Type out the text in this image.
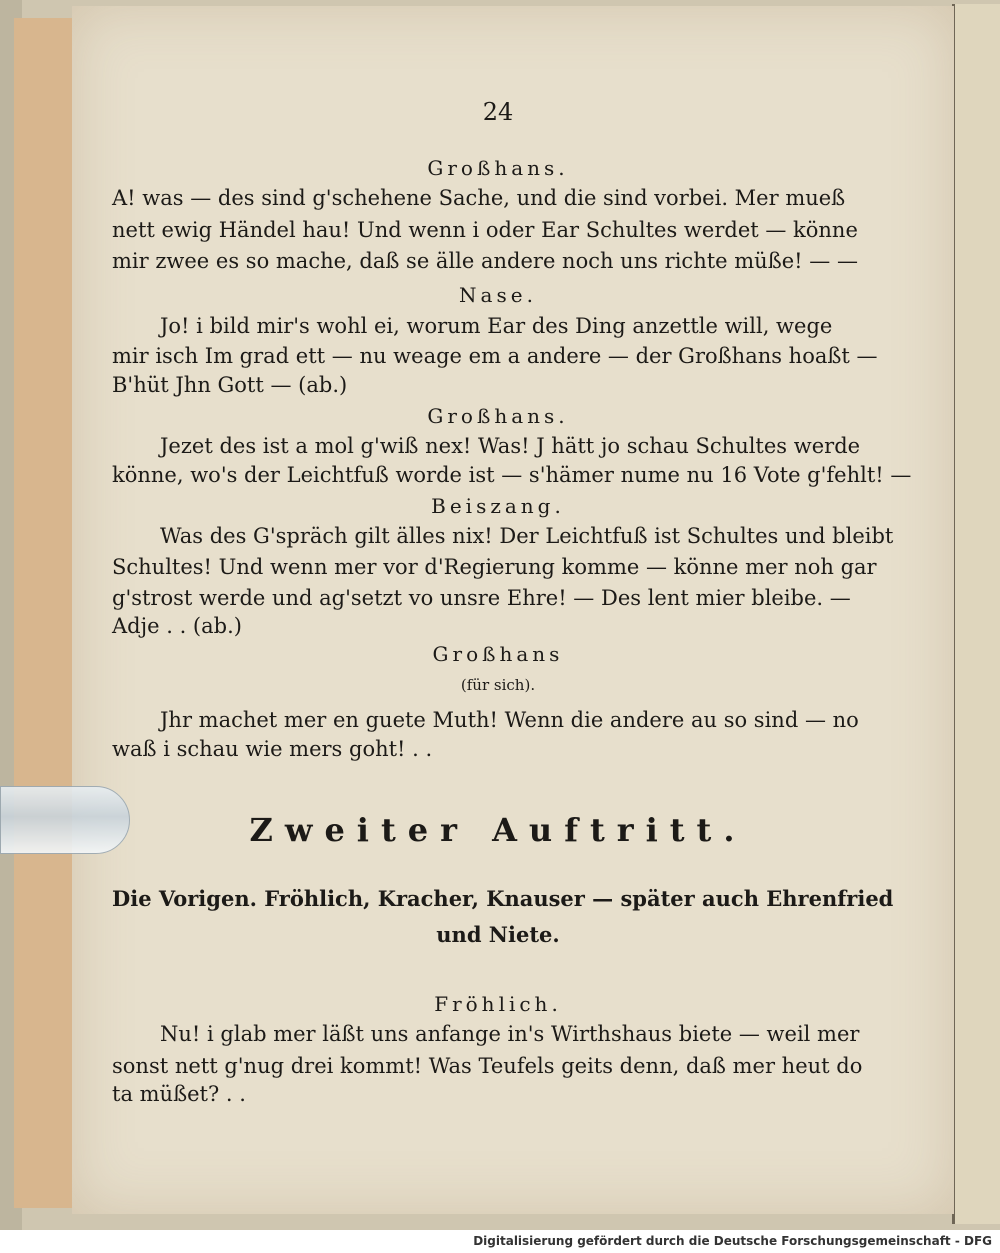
24
Großhans.
A! was — des sind g'schehene Sache, und die sind vorbei. Mer mueß
nett ewig Händel hau! Und wenn i oder Ear Schultes werdet — könne
mir zwee es so mache, daß se älle andere noch uns richte müße! — —
Nase.
Jo! i bild mir's wohl ei, worum Ear des Ding anzettle will, wege
mir isch Im grad ett — nu weage em a andere — der Großhans hoaßt —
B'hüt Jhn Gott — (ab.)
Großhans.
Jezet des ist a mol g'wiß nex! Was! J hätt jo schau Schultes werde
könne, wo's der Leichtfuß worde ist — s'hämer nume nu 16 Vote g'fehlt! —
Beiszang.
Was des G'spräch gilt älles nix! Der Leichtfuß ist Schultes und bleibt
Schultes! Und wenn mer vor d'Regierung komme — könne mer noh gar
g'strost werde und ag'setzt vo unsre Ehre! — Des lent mier bleibe. —
Adje . . (ab.)
Großhans
(für sich).
Jhr machet mer en guete Muth! Wenn die andere au so sind — no
waß i schau wie mers goht! . .
Zweiter Auftritt.
Die Vorigen. Fröhlich, Kracher, Knauser — später auch Ehrenfried
und Niete.
Fröhlich.
Nu! i glab mer läßt uns anfange in's Wirthshaus biete — weil mer
sonst nett g'nug drei kommt! Was Teufels geits denn, daß mer heut do
ta müßet? . .
Digitalisierung gefördert durch die Deutsche Forschungsgemeinschaft - DFG
